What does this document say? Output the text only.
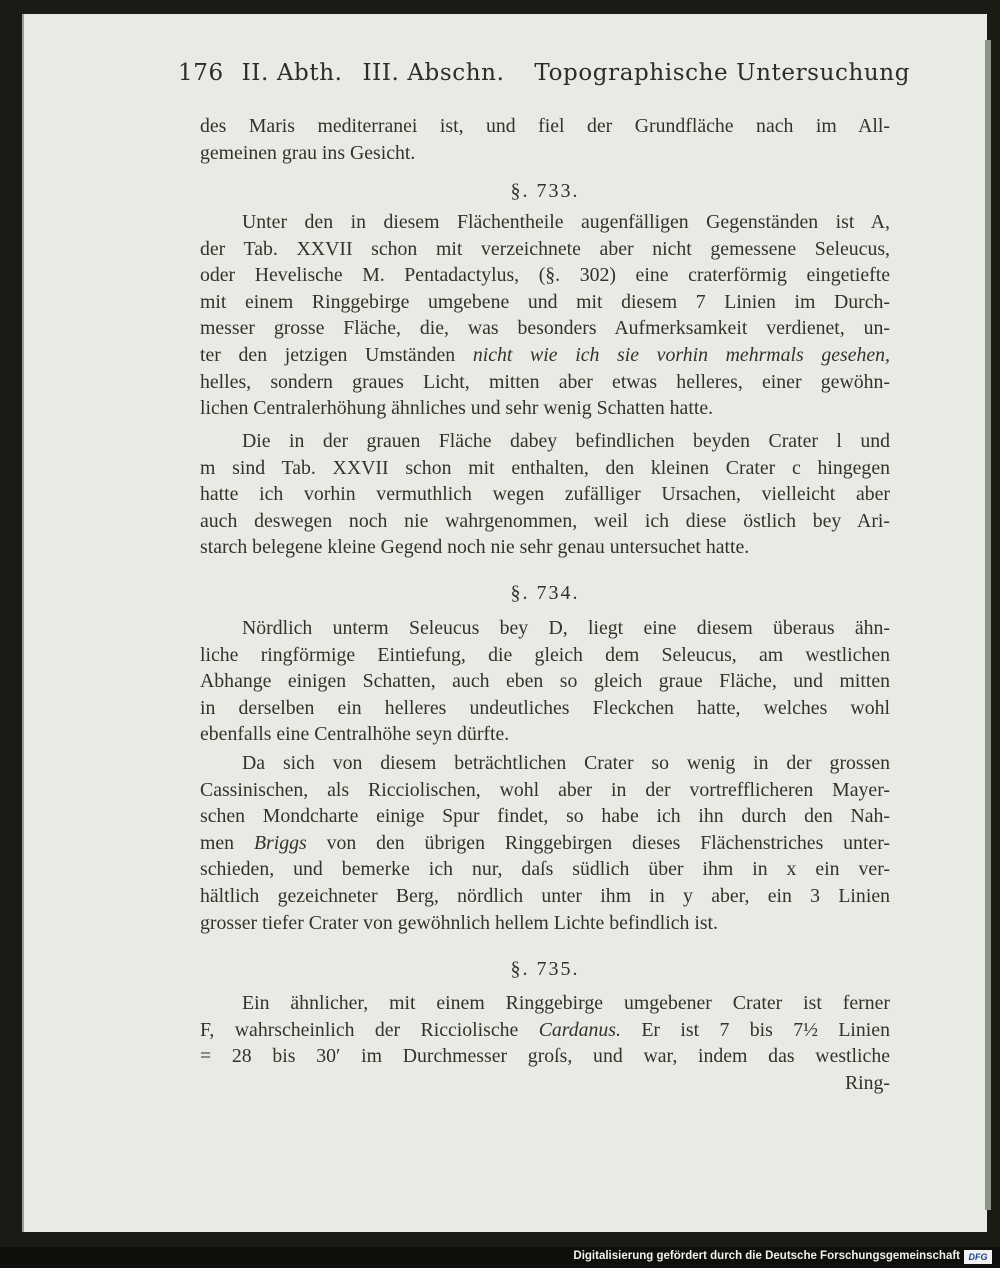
176 II. Abth. III. Abschn. Topographische Untersuchung
des Maris mediterranei ist, und fiel der Grundfläche nach im All-
gemeinen grau ins Gesicht.
§. 733.
Unter den in diesem Flächentheile augenfälligen Gegenständen ist A,
der Tab. XXVII schon mit verzeichnete aber nicht gemessene Seleucus,
oder Hevelische M. Pentadactylus, (§. 302) eine craterförmig eingetiefte
mit einem Ringgebirge umgebene und mit diesem 7 Linien im Durch-
messer grosse Fläche, die, was besonders Aufmerksamkeit verdienet, un-
ter den jetzigen Umständen nicht wie ich sie vorhin mehrmals gesehen,
helles, sondern graues Licht, mitten aber etwas helleres, einer gewöhn-
lichen Centralerhöhung ähnliches und sehr wenig Schatten hatte.
Die in der grauen Fläche dabey befindlichen beyden Crater l und
m sind Tab. XXVII schon mit enthalten, den kleinen Crater c hingegen
hatte ich vorhin vermuthlich wegen zufälliger Ursachen, vielleicht aber
auch deswegen noch nie wahrgenommen, weil ich diese östlich bey Ari-
starch belegene kleine Gegend noch nie sehr genau untersuchet hatte.
§. 734.
Nördlich unterm Seleucus bey D, liegt eine diesem überaus ähn-
liche ringförmige Eintiefung, die gleich dem Seleucus, am westlichen
Abhange einigen Schatten, auch eben so gleich graue Fläche, und mitten
in derselben ein helleres undeutliches Fleckchen hatte, welches wohl
ebenfalls eine Centralhöhe seyn dürfte.
Da sich von diesem beträchtlichen Crater so wenig in der grossen
Cassinischen, als Ricciolischen, wohl aber in der vortrefflicheren Mayer-
schen Mondcharte einige Spur findet, so habe ich ihn durch den Nah-
men Briggs von den übrigen Ringgebirgen dieses Flächenstriches unter-
schieden, und bemerke ich nur, daſs südlich über ihm in x ein ver-
hältlich gezeichneter Berg, nördlich unter ihm in y aber, ein 3 Linien
grosser tiefer Crater von gewöhnlich hellem Lichte befindlich ist.
§. 735.
Ein ähnlicher, mit einem Ringgebirge umgebener Crater ist ferner
F, wahrscheinlich der Ricciolische Cardanus. Er ist 7 bis 7½ Linien
= 28 bis 30′ im Durchmesser groſs, und war, indem das westliche
Ring-
Digitalisierung gefördert durch die Deutsche Forschungsgemeinschaft DFG
